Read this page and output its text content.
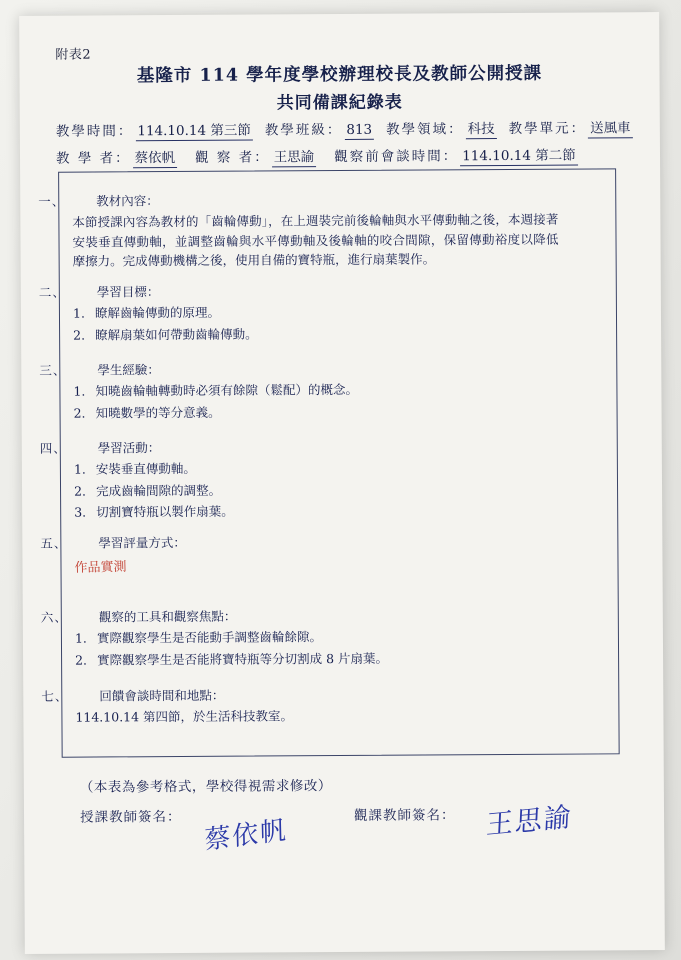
附表2
基隆市 114 學年度學校辦理校長及教師公開授課
共同備課紀錄表
教學時間： 114.10.14 第三節 教學班級： 813 教學領域： 科技 教學單元： 送風車
教 學 者： 蔡依帆 觀 察 者： 王思諭 觀察前會談時間： 114.10.14 第二節
一、	教材內容：
本節授課內容為教材的「齒輪傳動」，在上週裝完前後輪軸與水平傳動軸之後，本週接著安裝垂直傳動軸，並調整齒輪與水平傳動軸及後輪軸的咬合間隙，保留傳動裕度以降低摩擦力。完成傳動機構之後，使用自備的寶特瓶，進行扇葉製作。
二、	學習目標：
1. 瞭解齒輪傳動的原理。
2. 瞭解扇葉如何帶動齒輪傳動。
三、	學生經驗：
1. 知曉齒輪軸轉動時必須有餘隙（鬆配）的概念。
2. 知曉數學的等分意義。
四、	學習活動：
1. 安裝垂直傳動軸。
2. 完成齒輪間隙的調整。
3. 切割寶特瓶以製作扇葉。
五、	學習評量方式：
作品實測
六、	觀察的工具和觀察焦點：
1. 實際觀察學生是否能動手調整齒輪餘隙。
2. 實際觀察學生是否能將寶特瓶等分切割成 8 片扇葉。
七、	回饋會談時間和地點：
114.10.14 第四節，於生活科技教室。
（本表為參考格式，學校得視需求修改）
授課教師簽名：	觀課教師簽名：
蔡依帆	王思諭
